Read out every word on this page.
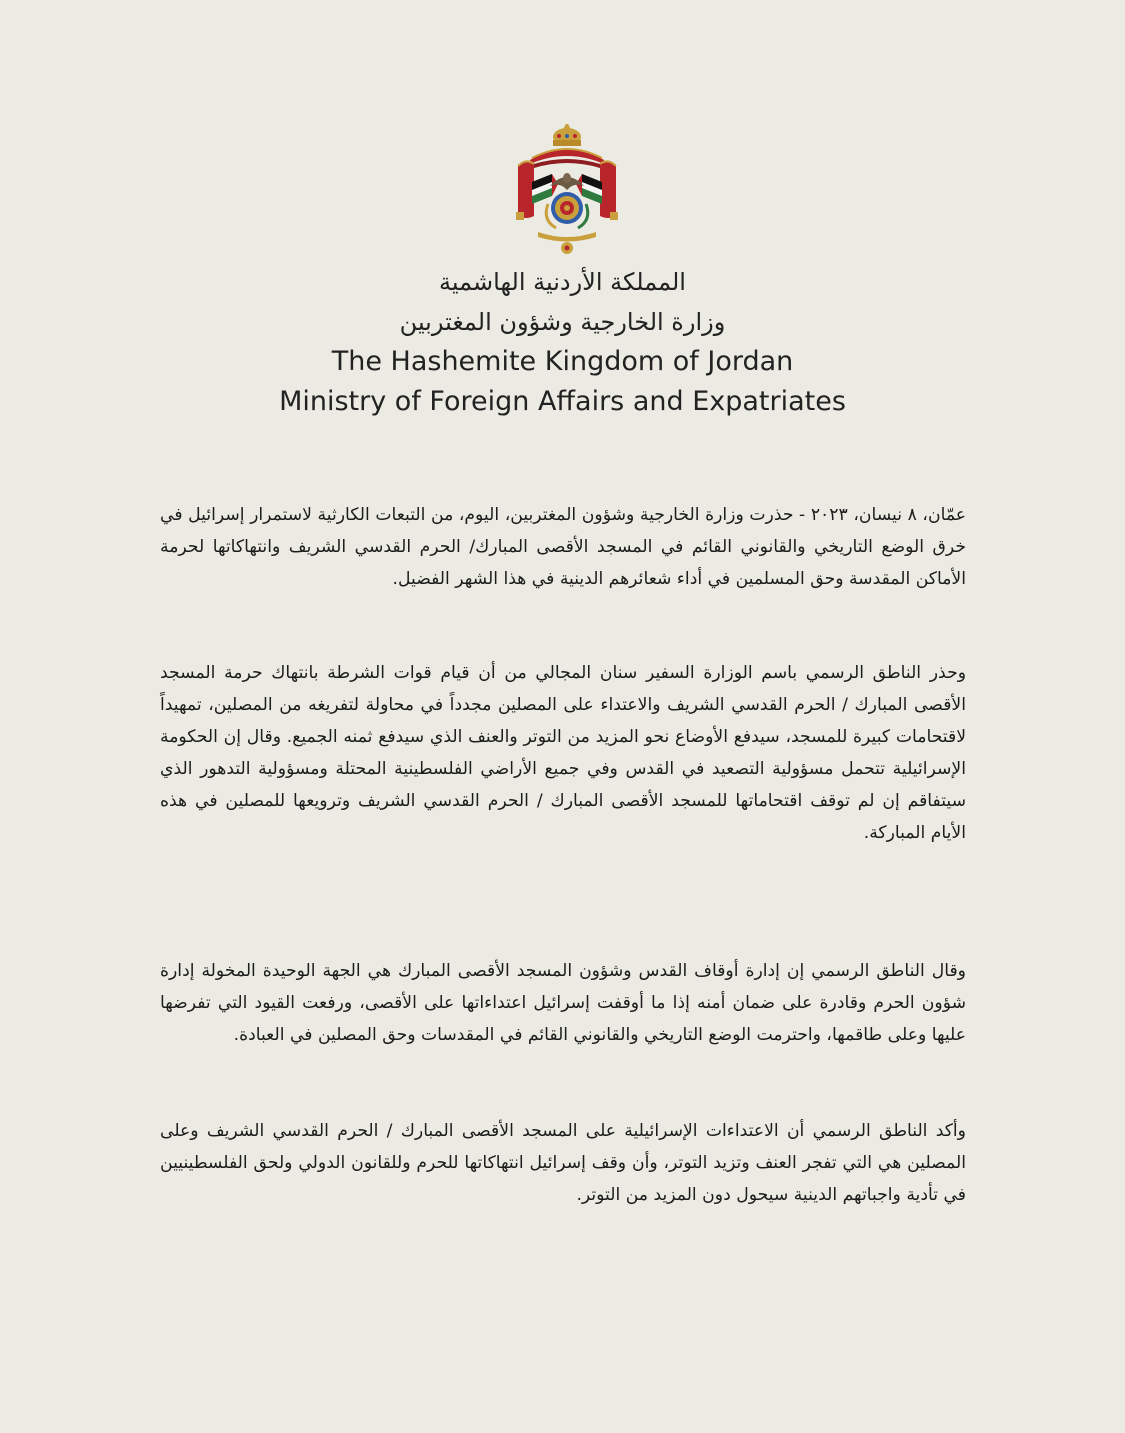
المملكة الأردنية الهاشمية
وزارة الخارجية وشؤون المغتربين
The Hashemite Kingdom of Jordan
Ministry of Foreign Affairs and Expatriates

عمّان، ٨ نيسان، ٢٠٢٣ - حذرت وزارة الخارجية وشؤون المغتربين، اليوم، من التبعات الكارثية لاستمرار إسرائيل في خرق الوضع التاريخي والقانوني القائم في المسجد الأقصى المبارك/ الحرم القدسي الشريف وانتهاكاتها لحرمة الأماكن المقدسة وحق المسلمين في أداء شعائرهم الدينية في هذا الشهر الفضيل.

وحذر الناطق الرسمي باسم الوزارة السفير سنان المجالي من أن قيام قوات الشرطة بانتهاك حرمة المسجد الأقصى المبارك / الحرم القدسي الشريف والاعتداء على المصلين مجدداً في محاولة لتفريغه من المصلين، تمهيداً لاقتحامات كبيرة للمسجد، سيدفع الأوضاع نحو المزيد من التوتر والعنف الذي سيدفع ثمنه الجميع. وقال إن الحكومة الإسرائيلية تتحمل مسؤولية التصعيد في القدس وفي جميع الأراضي الفلسطينية المحتلة ومسؤولية التدهور الذي سيتفاقم إن لم توقف اقتحاماتها للمسجد الأقصى المبارك / الحرم القدسي الشريف وترويعها للمصلين في هذه الأيام المباركة.

وقال الناطق الرسمي إن إدارة أوقاف القدس وشؤون المسجد الأقصى المبارك هي الجهة الوحيدة المخولة إدارة شؤون الحرم وقادرة على ضمان أمنه إذا ما أوقفت إسرائيل اعتداءاتها على الأقصى، ورفعت القيود التي تفرضها عليها وعلى طاقمها، واحترمت الوضع التاريخي والقانوني القائم في المقدسات وحق المصلين في العبادة.

وأكد الناطق الرسمي أن الاعتداءات الإسرائيلية على المسجد الأقصى المبارك / الحرم القدسي الشريف وعلى المصلين هي التي تفجر العنف وتزيد التوتر، وأن وقف إسرائيل انتهاكاتها للحرم وللقانون الدولي ولحق الفلسطينيين في تأدية واجباتهم الدينية سيحول دون المزيد من التوتر.
